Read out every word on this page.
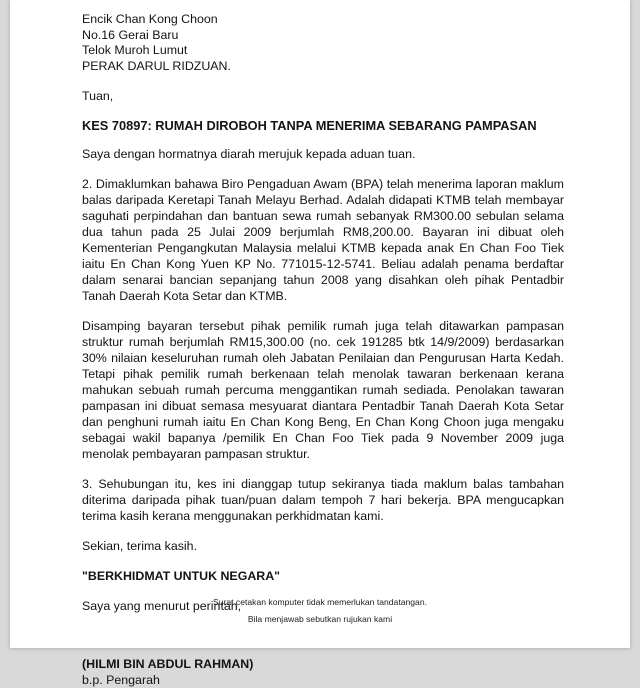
Encik Chan Kong Choon
No.16 Gerai Baru
Telok Muroh Lumut
PERAK DARUL RIDZUAN.

Tuan,

KES 70897: RUMAH DIROBOH TANPA MENERIMA SEBARANG PAMPASAN

Saya dengan hormatnya diarah merujuk kepada aduan tuan.

2. Dimaklumkan bahawa Biro Pengaduan Awam (BPA) telah menerima laporan maklum balas daripada Keretapi Tanah Melayu Berhad. Adalah didapati KTMB telah membayar saguhati perpindahan dan bantuan sewa rumah sebanyak RM300.00 sebulan selama dua tahun pada 25 Julai 2009 berjumlah RM8,200.00. Bayaran ini dibuat oleh Kementerian Pengangkutan Malaysia melalui KTMB kepada anak En Chan Foo Tiek iaitu En Chan Kong Yuen KP No. 771015-12-5741. Beliau adalah penama berdaftar dalam senarai bancian sepanjang tahun 2008 yang disahkan oleh pihak Pentadbir Tanah Daerah Kota Setar dan KTMB.

Disamping bayaran tersebut pihak pemilik rumah juga telah ditawarkan pampasan struktur rumah berjumlah RM15,300.00 (no. cek 191285 btk 14/9/2009) berdasarkan 30% nilaian keseluruhan rumah oleh Jabatan Penilaian dan Pengurusan Harta Kedah. Tetapi pihak pemilik rumah berkenaan telah menolak tawaran berkenaan kerana mahukan sebuah rumah percuma menggantikan rumah sediada. Penolakan tawaran pampasan ini dibuat semasa mesyuarat diantara Pentadbir Tanah Daerah Kota Setar dan penghuni rumah iaitu En Chan Kong Beng, En Chan Kong Choon juga mengaku sebagai wakil bapanya /pemilik En Chan Foo Tiek pada 9 November 2009 juga menolak pembayaran pampasan struktur.

3. Sehubungan itu, kes ini dianggap tutup sekiranya tiada maklum balas tambahan diterima daripada pihak tuan/puan dalam tempoh 7 hari bekerja. BPA mengucapkan terima kasih kerana menggunakan perkhidmatan kami.

Sekian, terima kasih.

"BERKHIDMAT UNTUK NEGARA"

Saya yang menurut perintah,

(HILMI BIN ABDUL RAHMAN)

b.p. Pengarah

Surat cetakan komputer tidak memerlukan tandatangan.
Bila menjawab sebutkan rujukan kami
